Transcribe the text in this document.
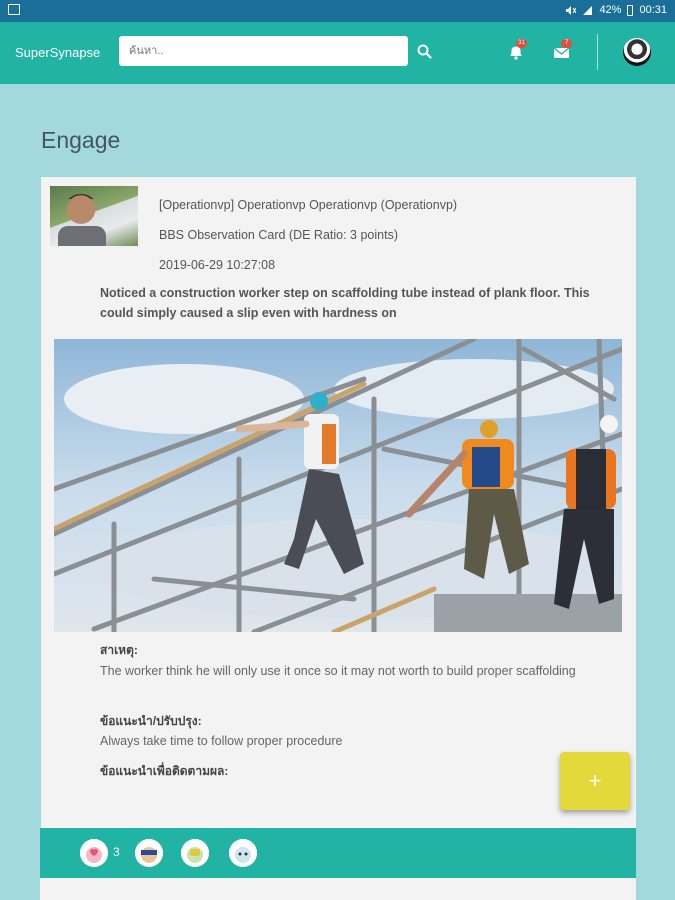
42% 00:31
SuperSynapse
ค้นหา..
31	7
Engage
[Operationvp] Operationvp Operationvp (Operationvp)
BBS Observation Card (DE Ratio: 3 points)
2019-06-29 10:27:08
Noticed a construction worker step on scaffolding tube instead of plank floor. This could simply caused a slip even with hardness on
สาเหตุ:
The worker think he will only use it once so it may not worth to build proper scaffolding
ข้อแนะนำ/ปรับปรุง:
Always take time to follow proper procedure
ข้อแนะนำเพื่อติดตามผล:	+
3
